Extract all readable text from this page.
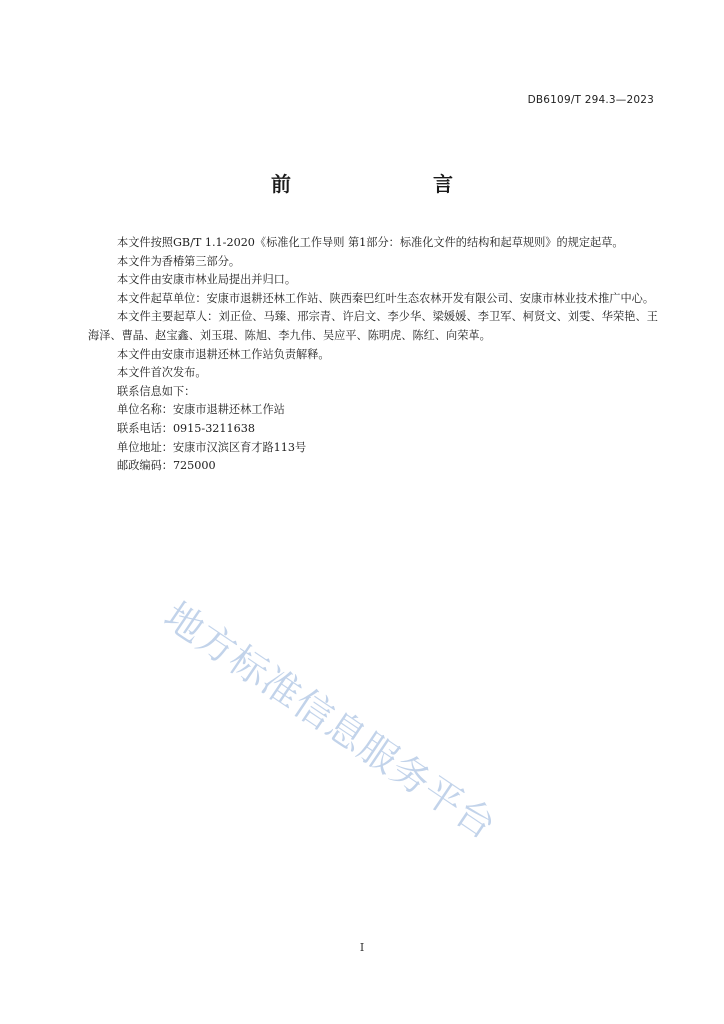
DB6109/T 294.3—2023
前　　言

本文件按照GB/T 1.1-2020《标准化工作导则 第1部分：标准化文件的结构和起草规则》的规定起草。

本文件为香椿第三部分。

本文件由安康市林业局提出并归口。

本文件起草单位：安康市退耕还林工作站、陕西秦巴红叶生态农林开发有限公司、安康市林业技术推广中心。

本文件主要起草人：刘正俭、马臻、邢宗青、许启文、李少华、梁媛媛、李卫军、柯贤文、刘雯、华荣艳、王海泽、曹晶、赵宝鑫、刘玉琨、陈旭、李九伟、吴应平、陈明虎、陈红、向荣革。

本文件由安康市退耕还林工作站负责解释。

本文件首次发布。

联系信息如下：

单位名称：安康市退耕还林工作站

联系电话：0915-3211638

单位地址：安康市汉滨区育才路113号

邮政编码：725000

地方标准信息服务平台
I
